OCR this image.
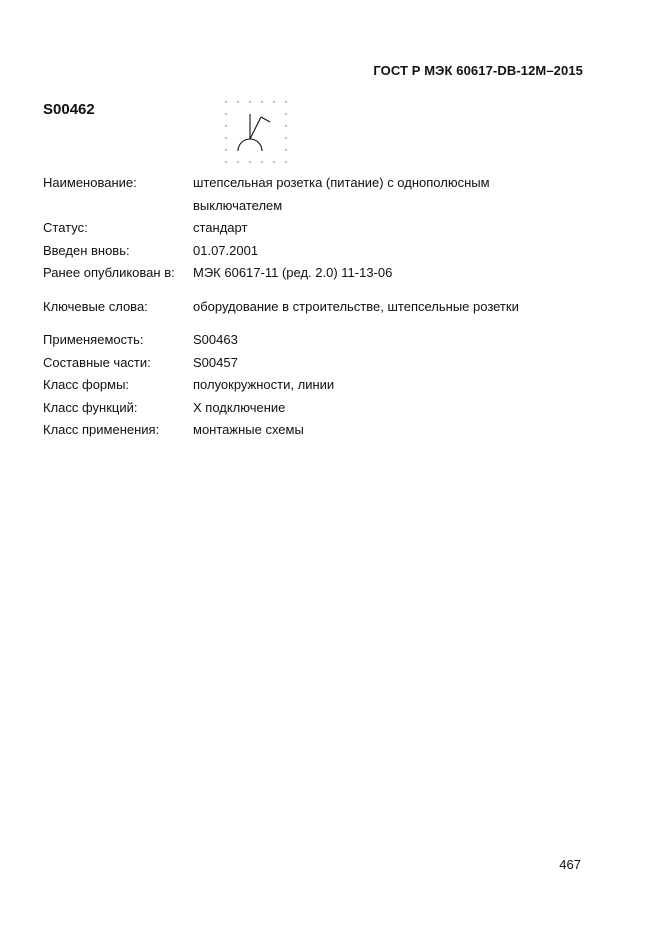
ГОСТ Р МЭК 60617-DB-12M–2015
S00462
Наименование:	штепсельная розетка (питание) с однополюсным выключателем
Статус:	стандарт
Введен вновь:	01.07.2001
Ранее опубликован в:	МЭК 60617-11 (ред. 2.0) 11-13-06
Ключевые слова:	оборудование в строительстве, штепсельные розетки
Применяемость:	S00463
Составные части:	S00457
Класс формы:	полуокружности, линии
Класс функций:	X подключение
Класс применения:	монтажные схемы
467
